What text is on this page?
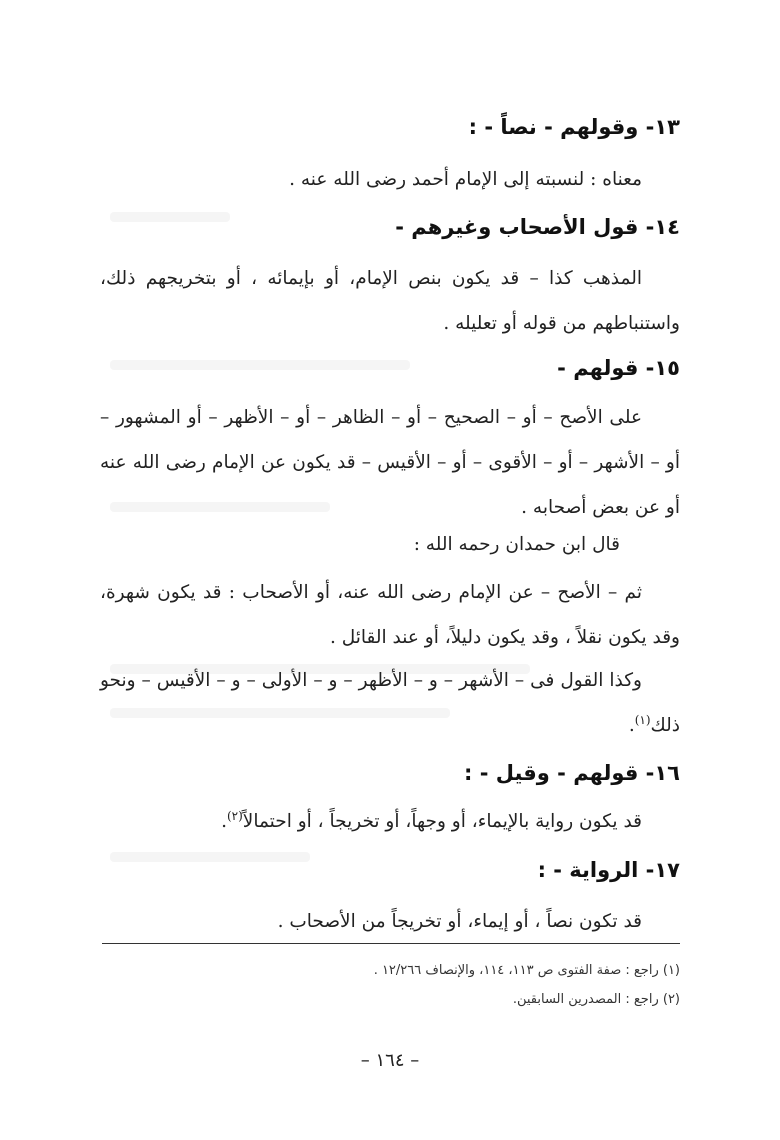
١٣- وقولهم - نصاً - :
معناه : لنسبته إلى الإمام أحمد رضى الله عنه .
١٤- قول الأصحاب وغيرهم -
المذهب كذا – قد يكون بنص الإمام، أو بإيمائه ، أو بتخريجهم ذلك، واستنباطهم من قوله أو تعليله .
١٥- قولهم -
على الأصح – أو – الصحيح – أو – الظاهر – أو – الأظهر – أو المشهور – أو – الأشهر – أو – الأقوى – أو – الأقيس – قد يكون عن الإمام رضى الله عنه أو عن بعض أصحابه .
قال ابن حمدان رحمه الله :
ثم – الأصح – عن الإمام رضى الله عنه، أو الأصحاب : قد يكون شهرة، وقد يكون نقلاً ، وقد يكون دليلاً، أو عند القائل .
وكذا القول فى – الأشهر – و – الأظهر – و – الأولى – و – الأقيس – ونحو ذلك$^{(١)}$.
١٦- قولهم - وقيل - :
قد يكون رواية بالإيماء، أو وجهاً، أو تخريجاً ، أو احتمالاً$^{(٢)}$.
١٧- الرواية - :
قد تكون نصاً ، أو إيماء، أو تخريجاً من الأصحاب .
(١) راجع : صفة الفتوى ص ١١٣، ١١٤، والإنصاف ١٢/٢٦٦ .
(٢) راجع : المصدرين السابقين.
– ١٦٤ –
